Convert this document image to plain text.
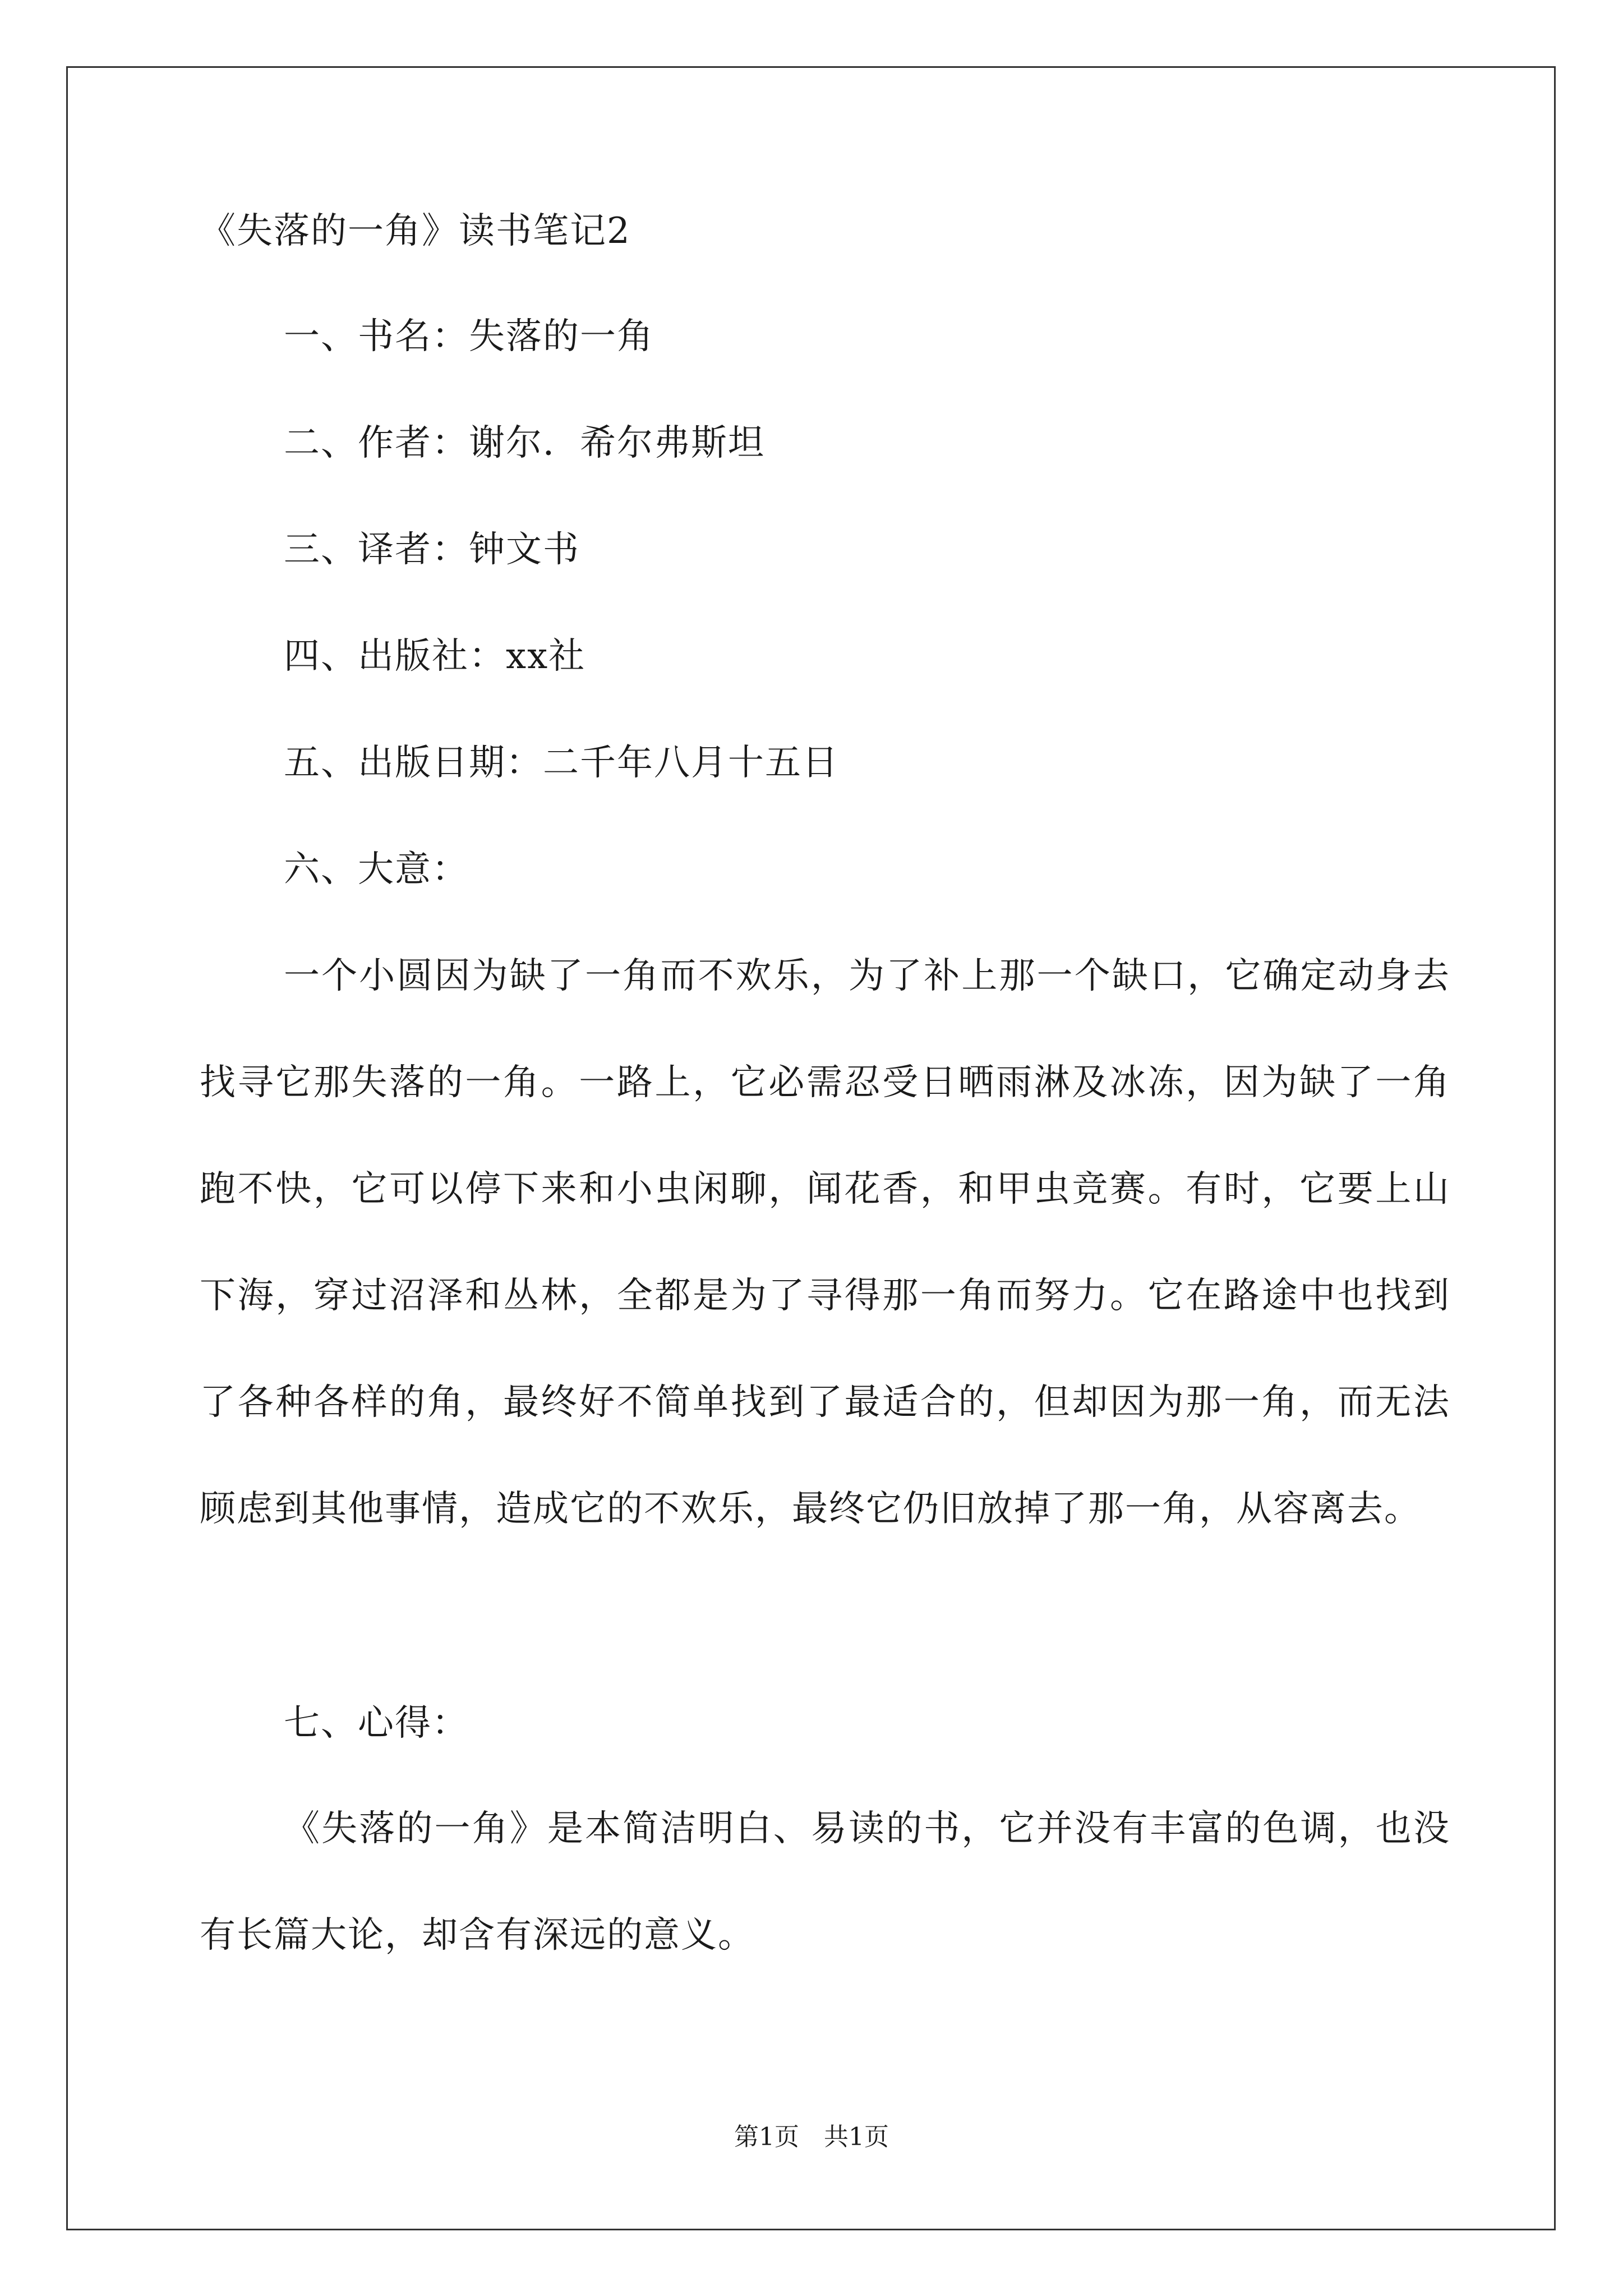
《失落的一角》读书笔记2
一、书名：失落的一角
二、作者：谢尔．希尔弗斯坦
三、译者：钟文书
四、出版社：xx社
五、出版日期：二千年八月十五日
六、大意：
一个小圆因为缺了一角而不欢乐，为了补上那一个缺口，它确定动身去找寻它那失落的一角。一路上，它必需忍受日晒雨淋及冰冻，因为缺了一角跑不快，它可以停下来和小虫闲聊，闻花香，和甲虫竞赛。有时，它要上山下海，穿过沼泽和丛林，全都是为了寻得那一角而努力。它在路途中也找到了各种各样的角，最终好不简单找到了最适合的，但却因为那一角，而无法顾虑到其他事情，造成它的不欢乐，最终它仍旧放掉了那一角，从容离去。
七、心得：
《失落的一角》是本简洁明白、易读的书，它并没有丰富的色调，也没有长篇大论，却含有深远的意义。
第1页　共1页
